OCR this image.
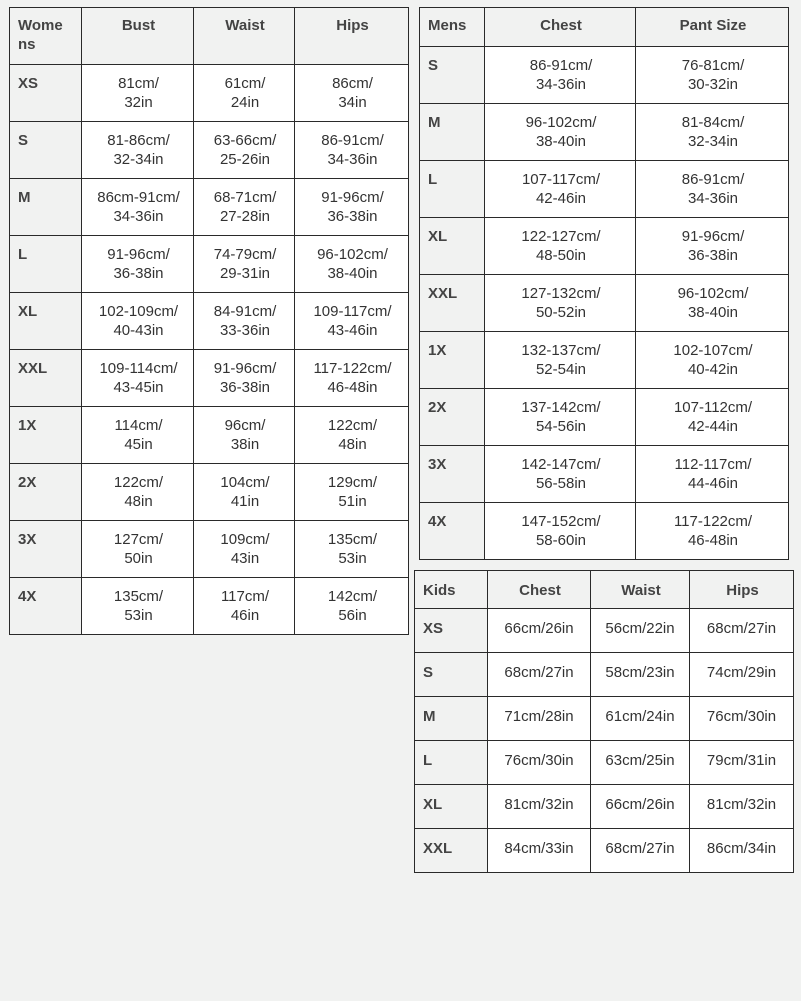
Wome
ns	Bust	Waist	Hips
XS	81cm/
32in	61cm/
24in	86cm/
34in
S	81-86cm/
32-34in	63-66cm/
25-26in	86-91cm/
34-36in
M	86cm-91cm/
34-36in	68-71cm/
27-28in	91-96cm/
36-38in
L	91-96cm/
36-38in	74-79cm/
29-31in	96-102cm/
38-40in
XL	102-109cm/
40-43in	84-91cm/
33-36in	109-117cm/
43-46in
XXL	109-114cm/
43-45in	91-96cm/
36-38in	117-122cm/
46-48in
1X	114cm/
45in	96cm/
38in	122cm/
48in
2X	122cm/
48in	104cm/
41in	129cm/
51in
3X	127cm/
50in	109cm/
43in	135cm/
53in
4X	135cm/
53in	117cm/
46in	142cm/
56in
Mens	Chest	Pant Size
S	86-91cm/
34-36in	76-81cm/
30-32in
M	96-102cm/
38-40in	81-84cm/
32-34in
L	107-117cm/
42-46in	86-91cm/
34-36in
XL	122-127cm/
48-50in	91-96cm/
36-38in
XXL	127-132cm/
50-52in	96-102cm/
38-40in
1X	132-137cm/
52-54in	102-107cm/
40-42in
2X	137-142cm/
54-56in	107-112cm/
42-44in
3X	142-147cm/
56-58in	112-117cm/
44-46in
4X	147-152cm/
58-60in	117-122cm/
46-48in
Kids	Chest	Waist	Hips
XS	66cm/26in	56cm/22in	68cm/27in
S	68cm/27in	58cm/23in	74cm/29in
M	71cm/28in	61cm/24in	76cm/30in
L	76cm/30in	63cm/25in	79cm/31in
XL	81cm/32in	66cm/26in	81cm/32in
XXL	84cm/33in	68cm/27in	86cm/34in
